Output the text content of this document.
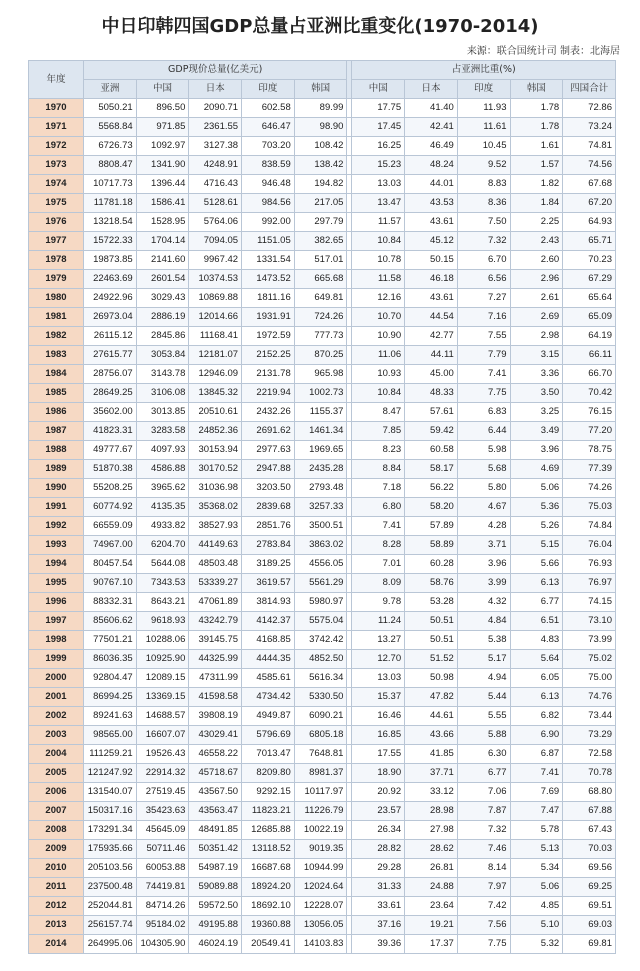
中日印韩四国GDP总量占亚洲比重变化(1970-2014)
来源：联合国统计司 制表：北海居
年度	GDP现价总量(亿美元)						占亚洲比重(%)				
	亚洲	中国	日本	印度	韩国		中国	日本	印度	韩国	四国合计
1970	5050.21	896.50	2090.71	602.58	89.99		17.75	41.40	11.93	1.78	72.86
1971	5568.84	971.85	2361.55	646.47	98.90		17.45	42.41	11.61	1.78	73.24
1972	6726.73	1092.97	3127.38	703.20	108.42		16.25	46.49	10.45	1.61	74.81
1973	8808.47	1341.90	4248.91	838.59	138.42		15.23	48.24	9.52	1.57	74.56
1974	10717.73	1396.44	4716.43	946.48	194.82		13.03	44.01	8.83	1.82	67.68
1975	11781.18	1586.41	5128.61	984.56	217.05		13.47	43.53	8.36	1.84	67.20
1976	13218.54	1528.95	5764.06	992.00	297.79		11.57	43.61	7.50	2.25	64.93
1977	15722.33	1704.14	7094.05	1151.05	382.65		10.84	45.12	7.32	2.43	65.71
1978	19873.85	2141.60	9967.42	1331.54	517.01		10.78	50.15	6.70	2.60	70.23
1979	22463.69	2601.54	10374.53	1473.52	665.68		11.58	46.18	6.56	2.96	67.29
1980	24922.96	3029.43	10869.88	1811.16	649.81		12.16	43.61	7.27	2.61	65.64
1981	26973.04	2886.19	12014.66	1931.91	724.26		10.70	44.54	7.16	2.69	65.09
1982	26115.12	2845.86	11168.41	1972.59	777.73		10.90	42.77	7.55	2.98	64.19
1983	27615.77	3053.84	12181.07	2152.25	870.25		11.06	44.11	7.79	3.15	66.11
1984	28756.07	3143.78	12946.09	2131.78	965.98		10.93	45.00	7.41	3.36	66.70
1985	28649.25	3106.08	13845.32	2219.94	1002.73		10.84	48.33	7.75	3.50	70.42
1986	35602.00	3013.85	20510.61	2432.26	1155.37		8.47	57.61	6.83	3.25	76.15
1987	41823.31	3283.58	24852.36	2691.62	1461.34		7.85	59.42	6.44	3.49	77.20
1988	49777.67	4097.93	30153.94	2977.63	1969.65		8.23	60.58	5.98	3.96	78.75
1989	51870.38	4586.88	30170.52	2947.88	2435.28		8.84	58.17	5.68	4.69	77.39
1990	55208.25	3965.62	31036.98	3203.50	2793.48		7.18	56.22	5.80	5.06	74.26
1991	60774.92	4135.35	35368.02	2839.68	3257.33		6.80	58.20	4.67	5.36	75.03
1992	66559.09	4933.82	38527.93	2851.76	3500.51		7.41	57.89	4.28	5.26	74.84
1993	74967.00	6204.70	44149.63	2783.84	3863.02		8.28	58.89	3.71	5.15	76.04
1994	80457.54	5644.08	48503.48	3189.25	4556.05		7.01	60.28	3.96	5.66	76.93
1995	90767.10	7343.53	53339.27	3619.57	5561.29		8.09	58.76	3.99	6.13	76.97
1996	88332.31	8643.21	47061.89	3814.93	5980.97		9.78	53.28	4.32	6.77	74.15
1997	85606.62	9618.93	43242.79	4142.37	5575.04		11.24	50.51	4.84	6.51	73.10
1998	77501.21	10288.06	39145.75	4168.85	3742.42		13.27	50.51	5.38	4.83	73.99
1999	86036.35	10925.90	44325.99	4444.35	4852.50		12.70	51.52	5.17	5.64	75.02
2000	92804.47	12089.15	47311.99	4585.61	5616.34		13.03	50.98	4.94	6.05	75.00
2001	86994.25	13369.15	41598.58	4734.42	5330.50		15.37	47.82	5.44	6.13	74.76
2002	89241.63	14688.57	39808.19	4949.87	6090.21		16.46	44.61	5.55	6.82	73.44
2003	98565.00	16607.07	43029.41	5796.69	6805.18		16.85	43.66	5.88	6.90	73.29
2004	111259.21	19526.43	46558.22	7013.47	7648.81		17.55	41.85	6.30	6.87	72.58
2005	121247.92	22914.32	45718.67	8209.80	8981.37		18.90	37.71	6.77	7.41	70.78
2006	131540.07	27519.45	43567.50	9292.15	10117.97		20.92	33.12	7.06	7.69	68.80
2007	150317.16	35423.63	43563.47	11823.21	11226.79		23.57	28.98	7.87	7.47	67.88
2008	173291.34	45645.09	48491.85	12685.88	10022.19		26.34	27.98	7.32	5.78	67.43
2009	175935.66	50711.46	50351.42	13118.52	9019.35		28.82	28.62	7.46	5.13	70.03
2010	205103.56	60053.88	54987.19	16687.68	10944.99		29.28	26.81	8.14	5.34	69.56
2011	237500.48	74419.81	59089.88	18924.20	12024.64		31.33	24.88	7.97	5.06	69.25
2012	252044.81	84714.26	59572.50	18692.10	12228.07		33.61	23.64	7.42	4.85	69.51
2013	256157.74	95184.02	49195.88	19360.88	13056.05		37.16	19.21	7.56	5.10	69.03
2014	264995.06	104305.90	46024.19	20549.41	14103.83		39.36	17.37	7.75	5.32	69.81
